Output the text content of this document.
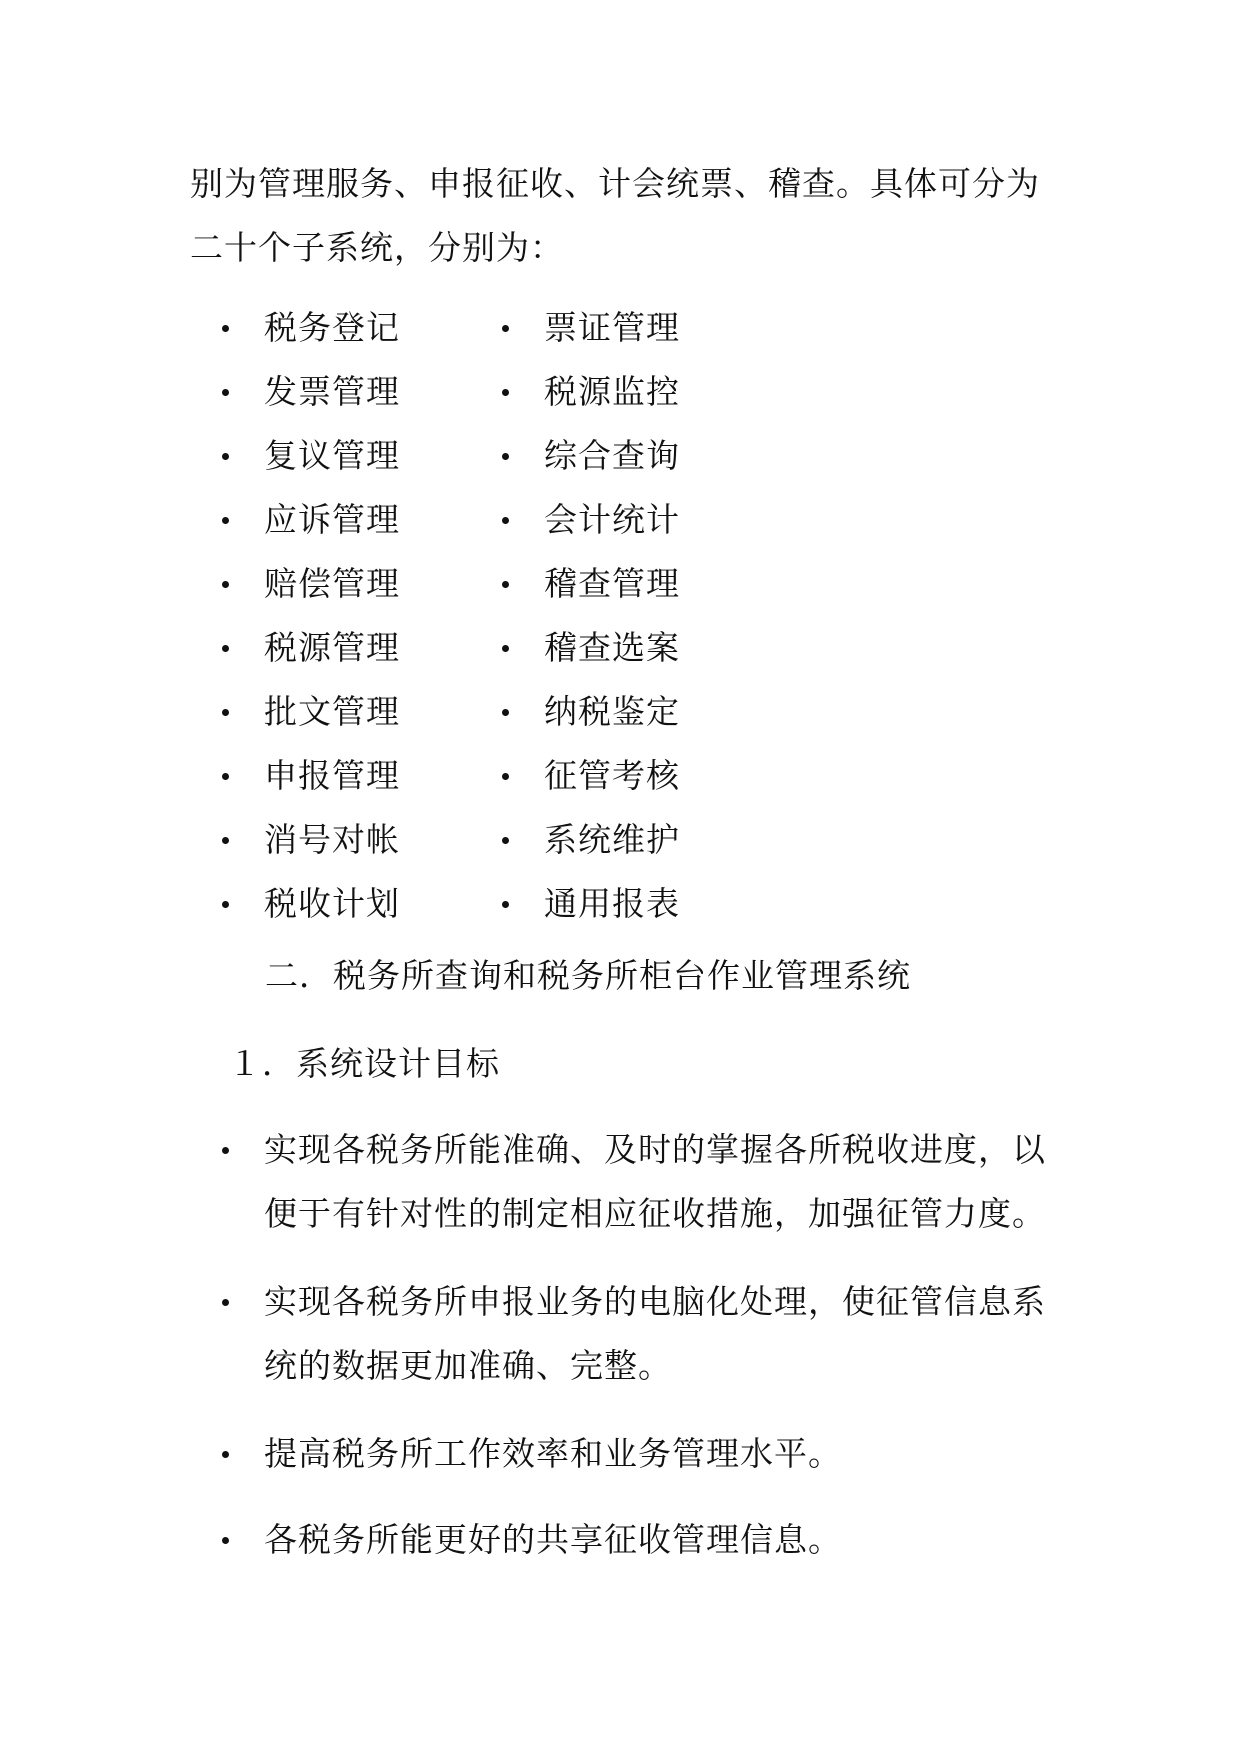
别为管理服务、申报征收、计会统票、稽查。具体可分为
二十个子系统，分别为：
税务登记	票证管理
发票管理	税源监控
复议管理	综合查询
应诉管理	会计统计
赔偿管理	稽查管理
税源管理	稽查选案
批文管理	纳税鉴定
申报管理	征管考核
消号对帐	系统维护
税收计划	通用报表
二．税务所查询和税务所柜台作业管理系统
１．系统设计目标
实现各税务所能准确、及时的掌握各所税收进度，以
便于有针对性的制定相应征收措施，加强征管力度。
实现各税务所申报业务的电脑化处理，使征管信息系
统的数据更加准确、完整。
提高税务所工作效率和业务管理水平。
各税务所能更好的共享征收管理信息。
